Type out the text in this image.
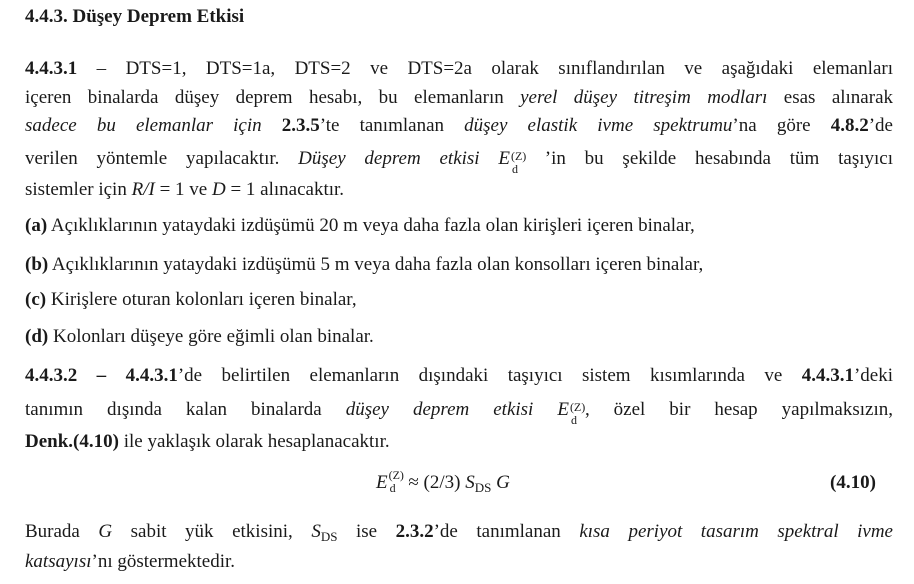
4.4.3. Düşey Deprem Etkisi
4.4.3.1 – DTS=1, DTS=1a, DTS=2 ve DTS=2a olarak sınıflandırılan ve aşağıdaki elemanları
içeren binalarda düşey deprem hesabı, bu elemanların yerel düşey titreşim modları esas alınarak
sadece bu elemanlar için 2.3.5’te tanımlanan düşey elastik ivme spektrumu’na göre 4.8.2’de
verilen yöntemle yapılacaktır. Düşey deprem etkisi E (Z)
d ’in bu şekilde hesabında tüm taşıyıcı
sistemler için R/I = 1 ve D = 1 alınacaktır.
(a) Açıklıklarının yataydaki izdüşümü 20 m veya daha fazla olan kirişleri içeren binalar,
(b) Açıklıklarının yataydaki izdüşümü 5 m veya daha fazla olan konsolları içeren binalar,
(c) Kirişlere oturan kolonları içeren binalar,
(d) Kolonları düşeye göre eğimli olan binalar.
4.4.3.2 – 4.4.3.1’de belirtilen elemanların dışındaki taşıyıcı sistem kısımlarında ve 4.4.3.1’deki
tanımın dışında kalan binalarda düşey deprem etkisi E (Z)
d , özel bir hesap yapılmaksızın,
Denk.(4.10) ile yaklaşık olarak hesaplanacaktır.
E (Z)
d ≈ (2/3) $S_{DS}$ G	(4.10)
Burada G sabit yük etkisini, $S_{DS}$ ise 2.3.2’de tanımlanan kısa periyot tasarım spektral ivme
katsayısı’nı göstermektedir.
